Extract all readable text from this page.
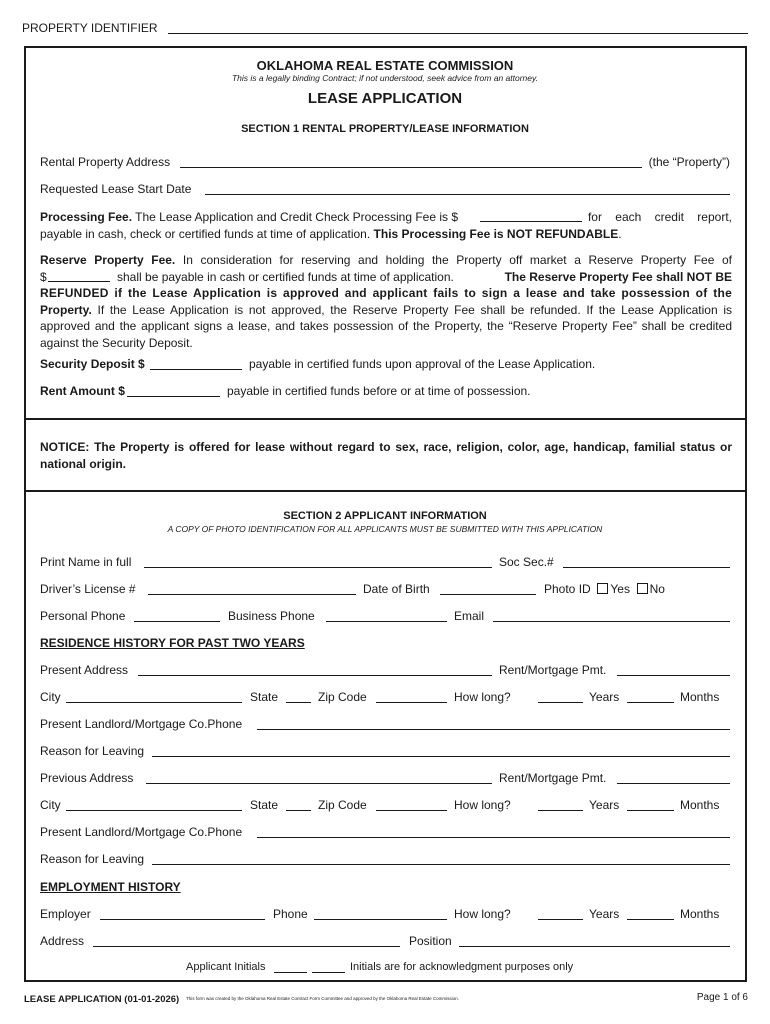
PROPERTY IDENTIFIER
OKLAHOMA REAL ESTATE COMMISSION
This is a legally binding Contract; if not understood, seek advice from an attorney.
LEASE APPLICATION
SECTION 1 RENTAL PROPERTY/LEASE INFORMATION
Rental Property Address	(the “Property”)
Requested Lease Start Date
Processing Fee. The Lease Application and Credit Check Processing Fee is $	for each credit report,
payable in cash, check or certified funds at time of application. This Processing Fee is NOT REFUNDABLE.
Reserve Property Fee. In consideration for reserving and holding the Property off market a Reserve Property Fee of
$	shall be payable in cash or certified funds at time of application.	The Reserve Property Fee shall NOT BE
REFUNDED if the Lease Application is approved and applicant fails to sign a lease and take possession of the
Property. If the Lease Application is not approved, the Reserve Property Fee shall be refunded. If the Lease Application is
approved and the applicant signs a lease, and takes possession of the Property, the “Reserve Property Fee” shall be credited
against the Security Deposit.
Security Deposit $	payable in certified funds upon approval of the Lease Application.
Rent Amount $	payable in certified funds before or at time of possession.
NOTICE: The Property is offered for lease without regard to sex, race, religion, color, age, handicap, familial status or
national origin.
SECTION 2 APPLICANT INFORMATION
A COPY OF PHOTO IDENTIFICATION FOR ALL APPLICANTS MUST BE SUBMITTED WITH THIS APPLICATION
Print Name in full	Soc Sec.#
Driver’s License #	Date of Birth	Photo ID Yes No
Personal Phone	Business Phone	Email
RESIDENCE HISTORY FOR PAST TWO YEARS
Present Address	Rent/Mortgage Pmt.
City	State	Zip Code	How long?	Years	Months
Present Landlord/Mortgage Co.Phone
Reason for Leaving
Previous Address	Rent/Mortgage Pmt.
City	State	Zip Code	How long?	Years	Months
Present Landlord/Mortgage Co.Phone
Reason for Leaving
EMPLOYMENT HISTORY
Employer	Phone	How long?	Years	Months
Address	Position
Applicant Initials	Initials are for acknowledgment purposes only
LEASE APPLICATION (01-01-2026) This form was created by the Oklahoma Real Estate Contract Form Committee and approved by the Oklahoma Real Estate Commission.	Page 1 of 6
